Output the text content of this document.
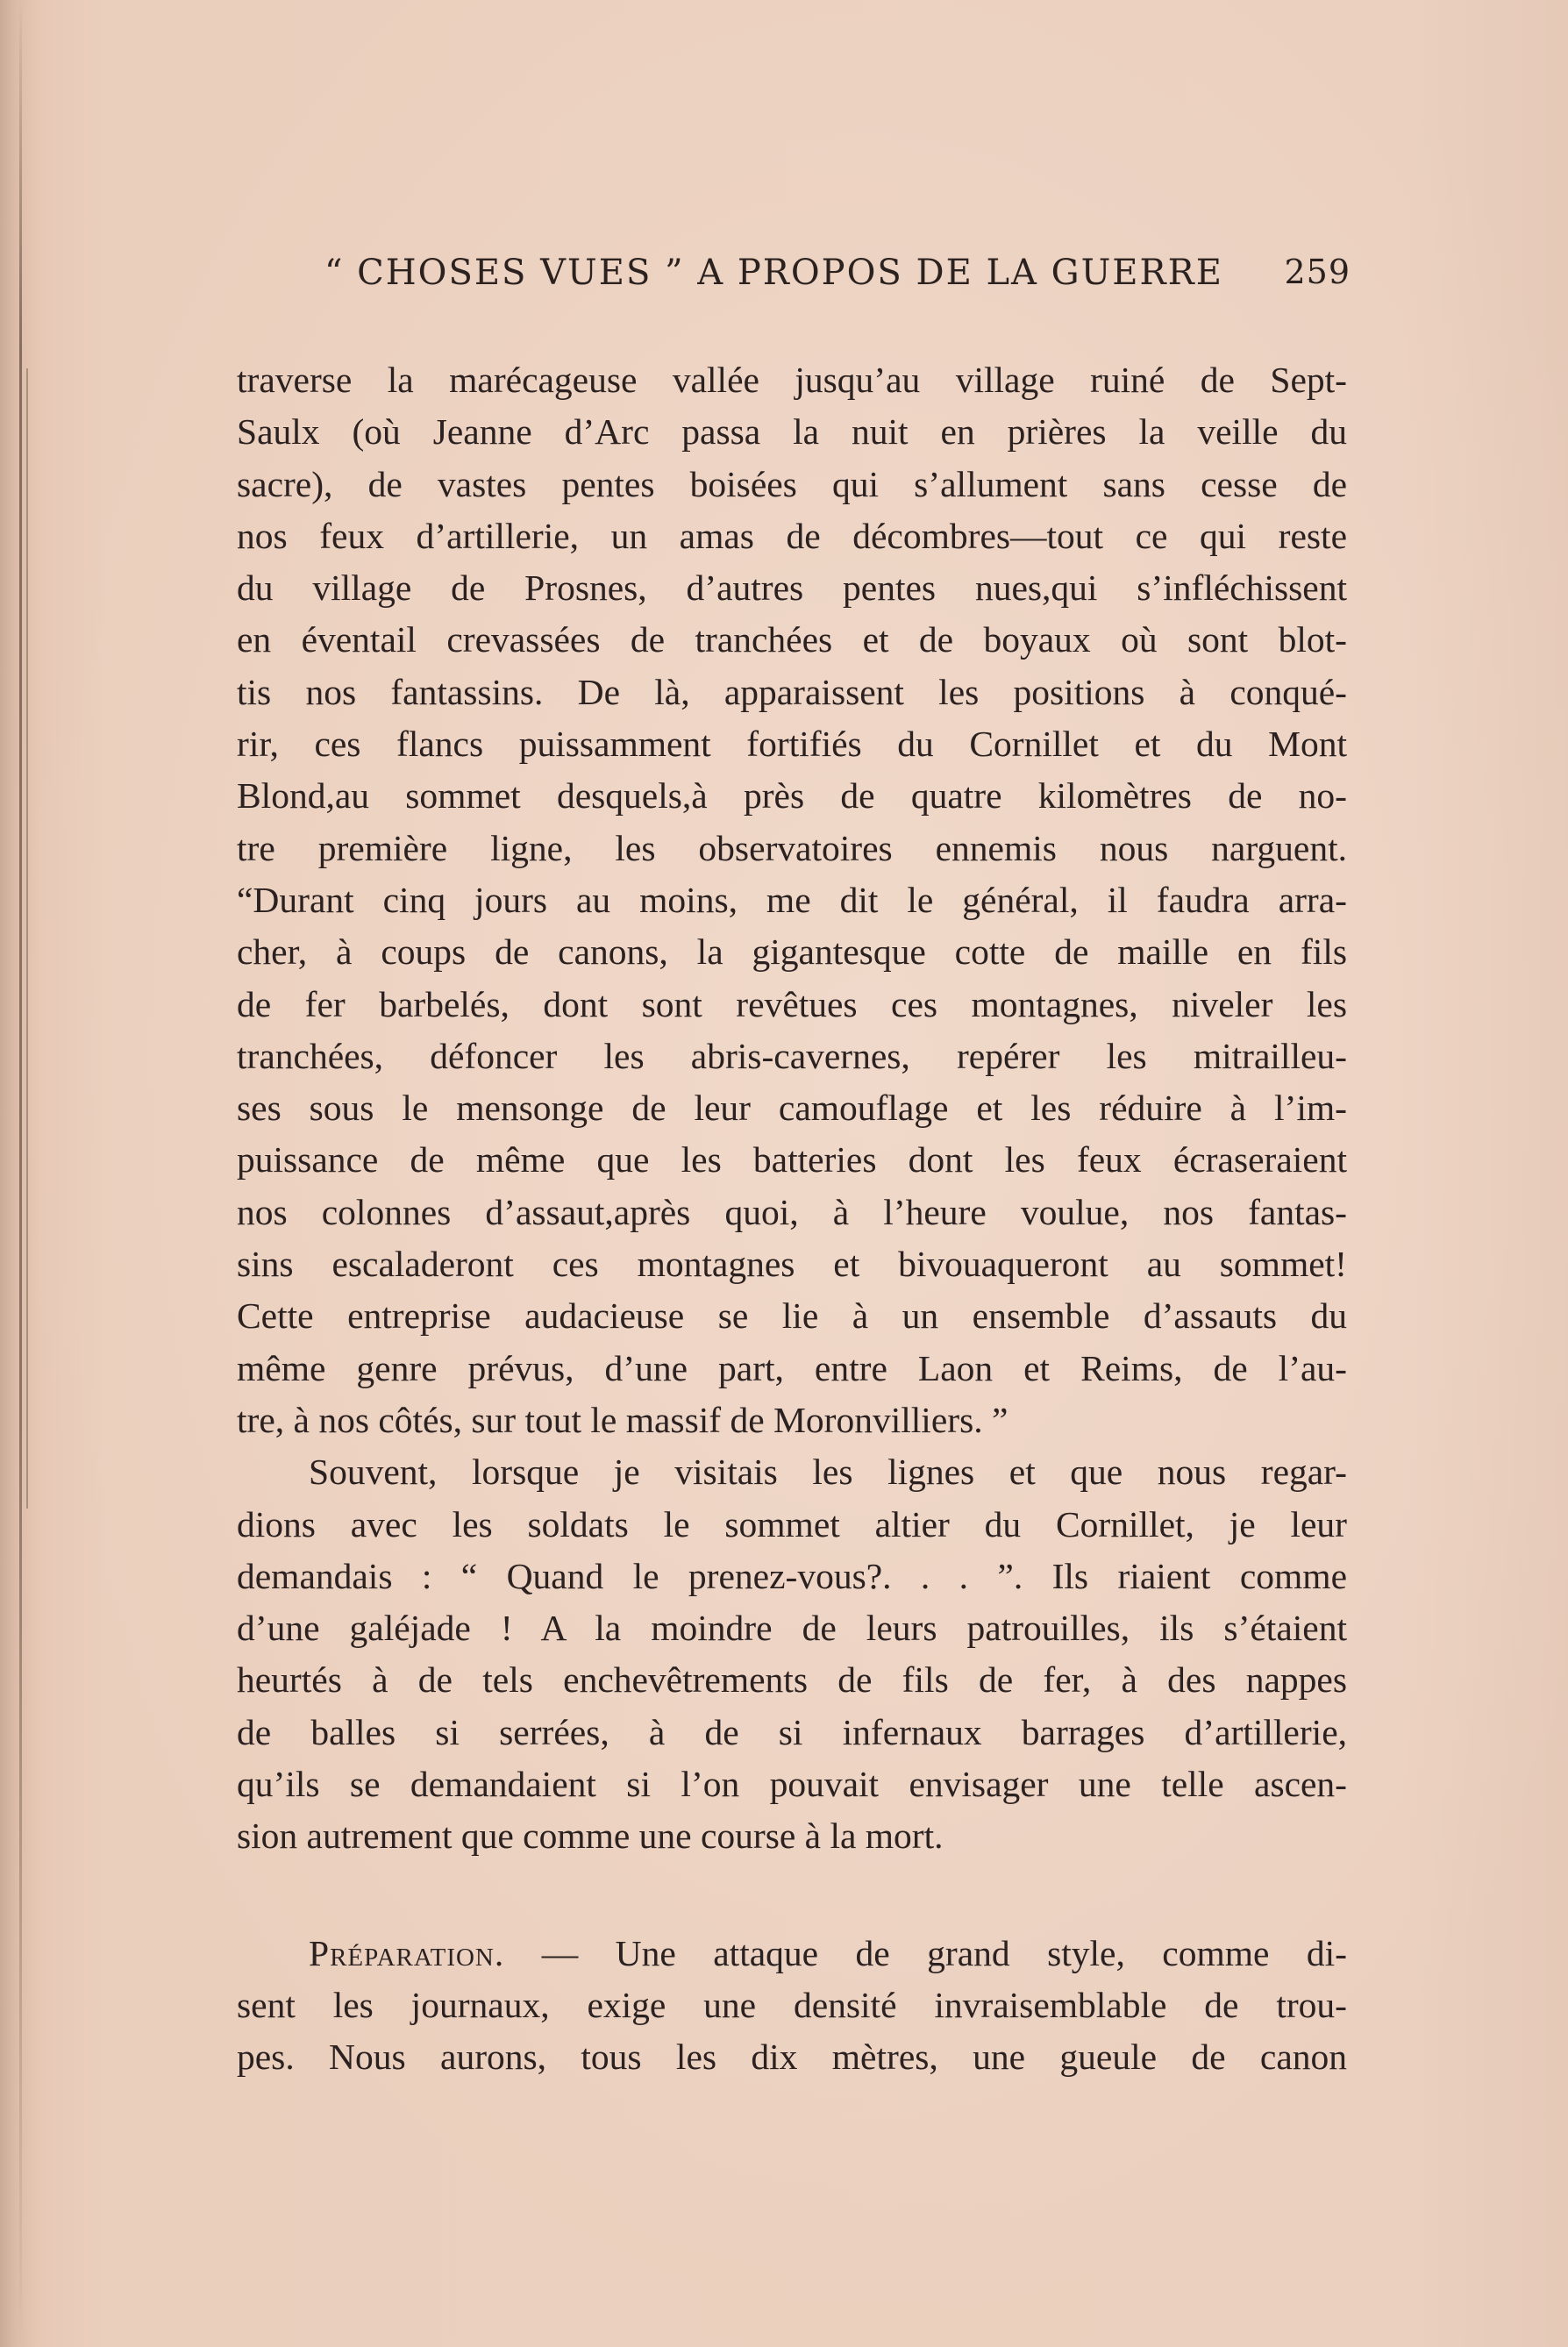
“ CHOSES VUES ” A PROPOS DE LA GUERRE 259
traverse la marécageuse vallée jusqu’au village ruiné de Sept-
Saulx (où Jeanne d’Arc passa la nuit en prières la veille du
sacre), de vastes pentes boisées qui s’allument sans cesse de
nos feux d’artillerie, un amas de décombres—tout ce qui reste
du village de Prosnes, d’autres pentes nues,qui s’infléchissent
en éventail crevassées de tranchées et de boyaux où sont blot-
tis nos fantassins. De là, apparaissent les positions à conqué-
rir, ces flancs puissamment fortifiés du Cornillet et du Mont
Blond,au sommet desquels,à près de quatre kilomètres de no-
tre première ligne, les observatoires ennemis nous narguent.
“Durant cinq jours au moins, me dit le général, il faudra arra-
cher, à coups de canons, la gigantesque cotte de maille en fils
de fer barbelés, dont sont revêtues ces montagnes, niveler les
tranchées, défoncer les abris-cavernes, repérer les mitrailleu-
ses sous le mensonge de leur camouflage et les réduire à l’im-
puissance de même que les batteries dont les feux écraseraient
nos colonnes d’assaut,après quoi, à l’heure voulue, nos fantas-
sins escaladeront ces montagnes et bivouaqueront au sommet!
Cette entreprise audacieuse se lie à un ensemble d’assauts du
même genre prévus, d’une part, entre Laon et Reims, de l’au-
tre, à nos côtés, sur tout le massif de Moronvilliers. ”
Souvent, lorsque je visitais les lignes et que nous regar-
dions avec les soldats le sommet altier du Cornillet, je leur
demandais : “ Quand le prenez-vous?. . . ”. Ils riaient comme
d’une galéjade ! A la moindre de leurs patrouilles, ils s’étaient
heurtés à de tels enchevêtrements de fils de fer, à des nappes
de balles si serrées, à de si infernaux barrages d’artillerie,
qu’ils se demandaient si l’on pouvait envisager une telle ascen-
sion autrement que comme une course à la mort.
Préparation. — Une attaque de grand style, comme di-
sent les journaux, exige une densité invraisemblable de trou-
pes. Nous aurons, tous les dix mètres, une gueule de canon
